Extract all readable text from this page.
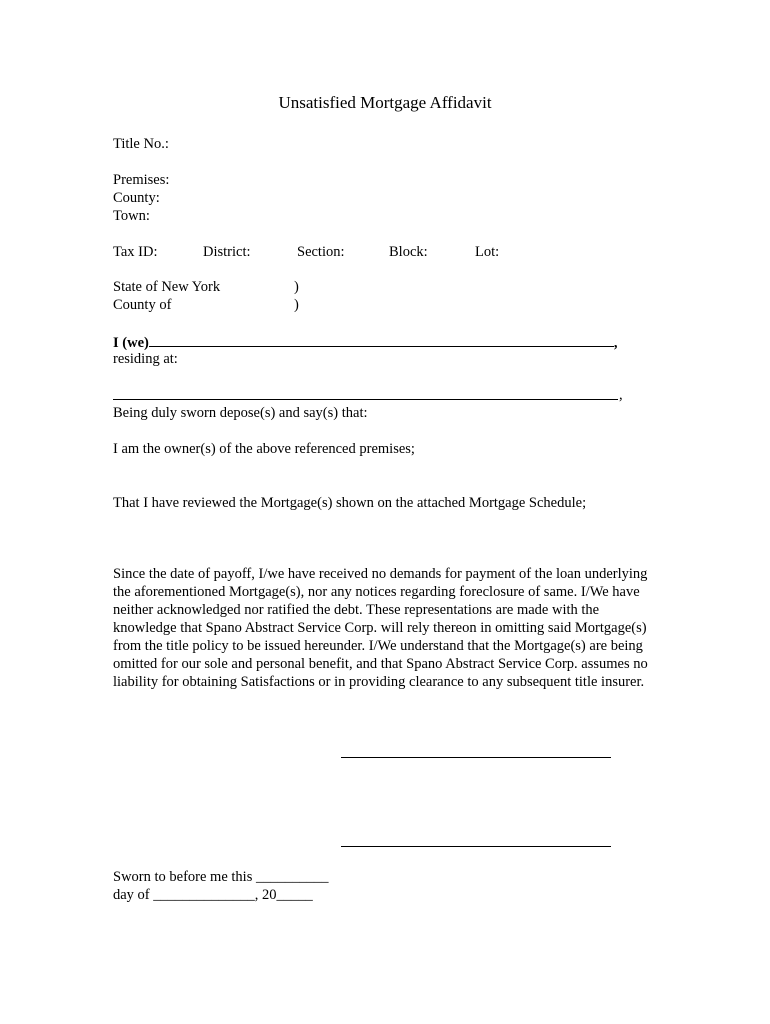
Unsatisfied Mortgage Affidavit
Title No.:
Premises:
County:
Town:
Tax ID:	District:	Section:	Block:	Lot:
State of New York	)
County of	)
I (we)	,
residing at:
,
Being duly sworn depose(s) and say(s) that:
I am the owner(s) of the above referenced premises;
That I have reviewed the Mortgage(s) shown on the attached Mortgage Schedule;
Since the date of payoff, I/we have received no demands for payment of the loan underlying the aforementioned Mortgage(s), nor any notices regarding foreclosure of same. I/We have neither acknowledged nor ratified the debt. These representations are made with the knowledge that Spano Abstract Service Corp. will rely thereon in omitting said Mortgage(s) from the title policy to be issued hereunder. I/We understand that the Mortgage(s) are being omitted for our sole and personal benefit, and that Spano Abstract Service Corp. assumes no liability for obtaining Satisfactions or in providing clearance to any subsequent title insurer.
Sworn to before me this __________
day of ______________, 20_____
